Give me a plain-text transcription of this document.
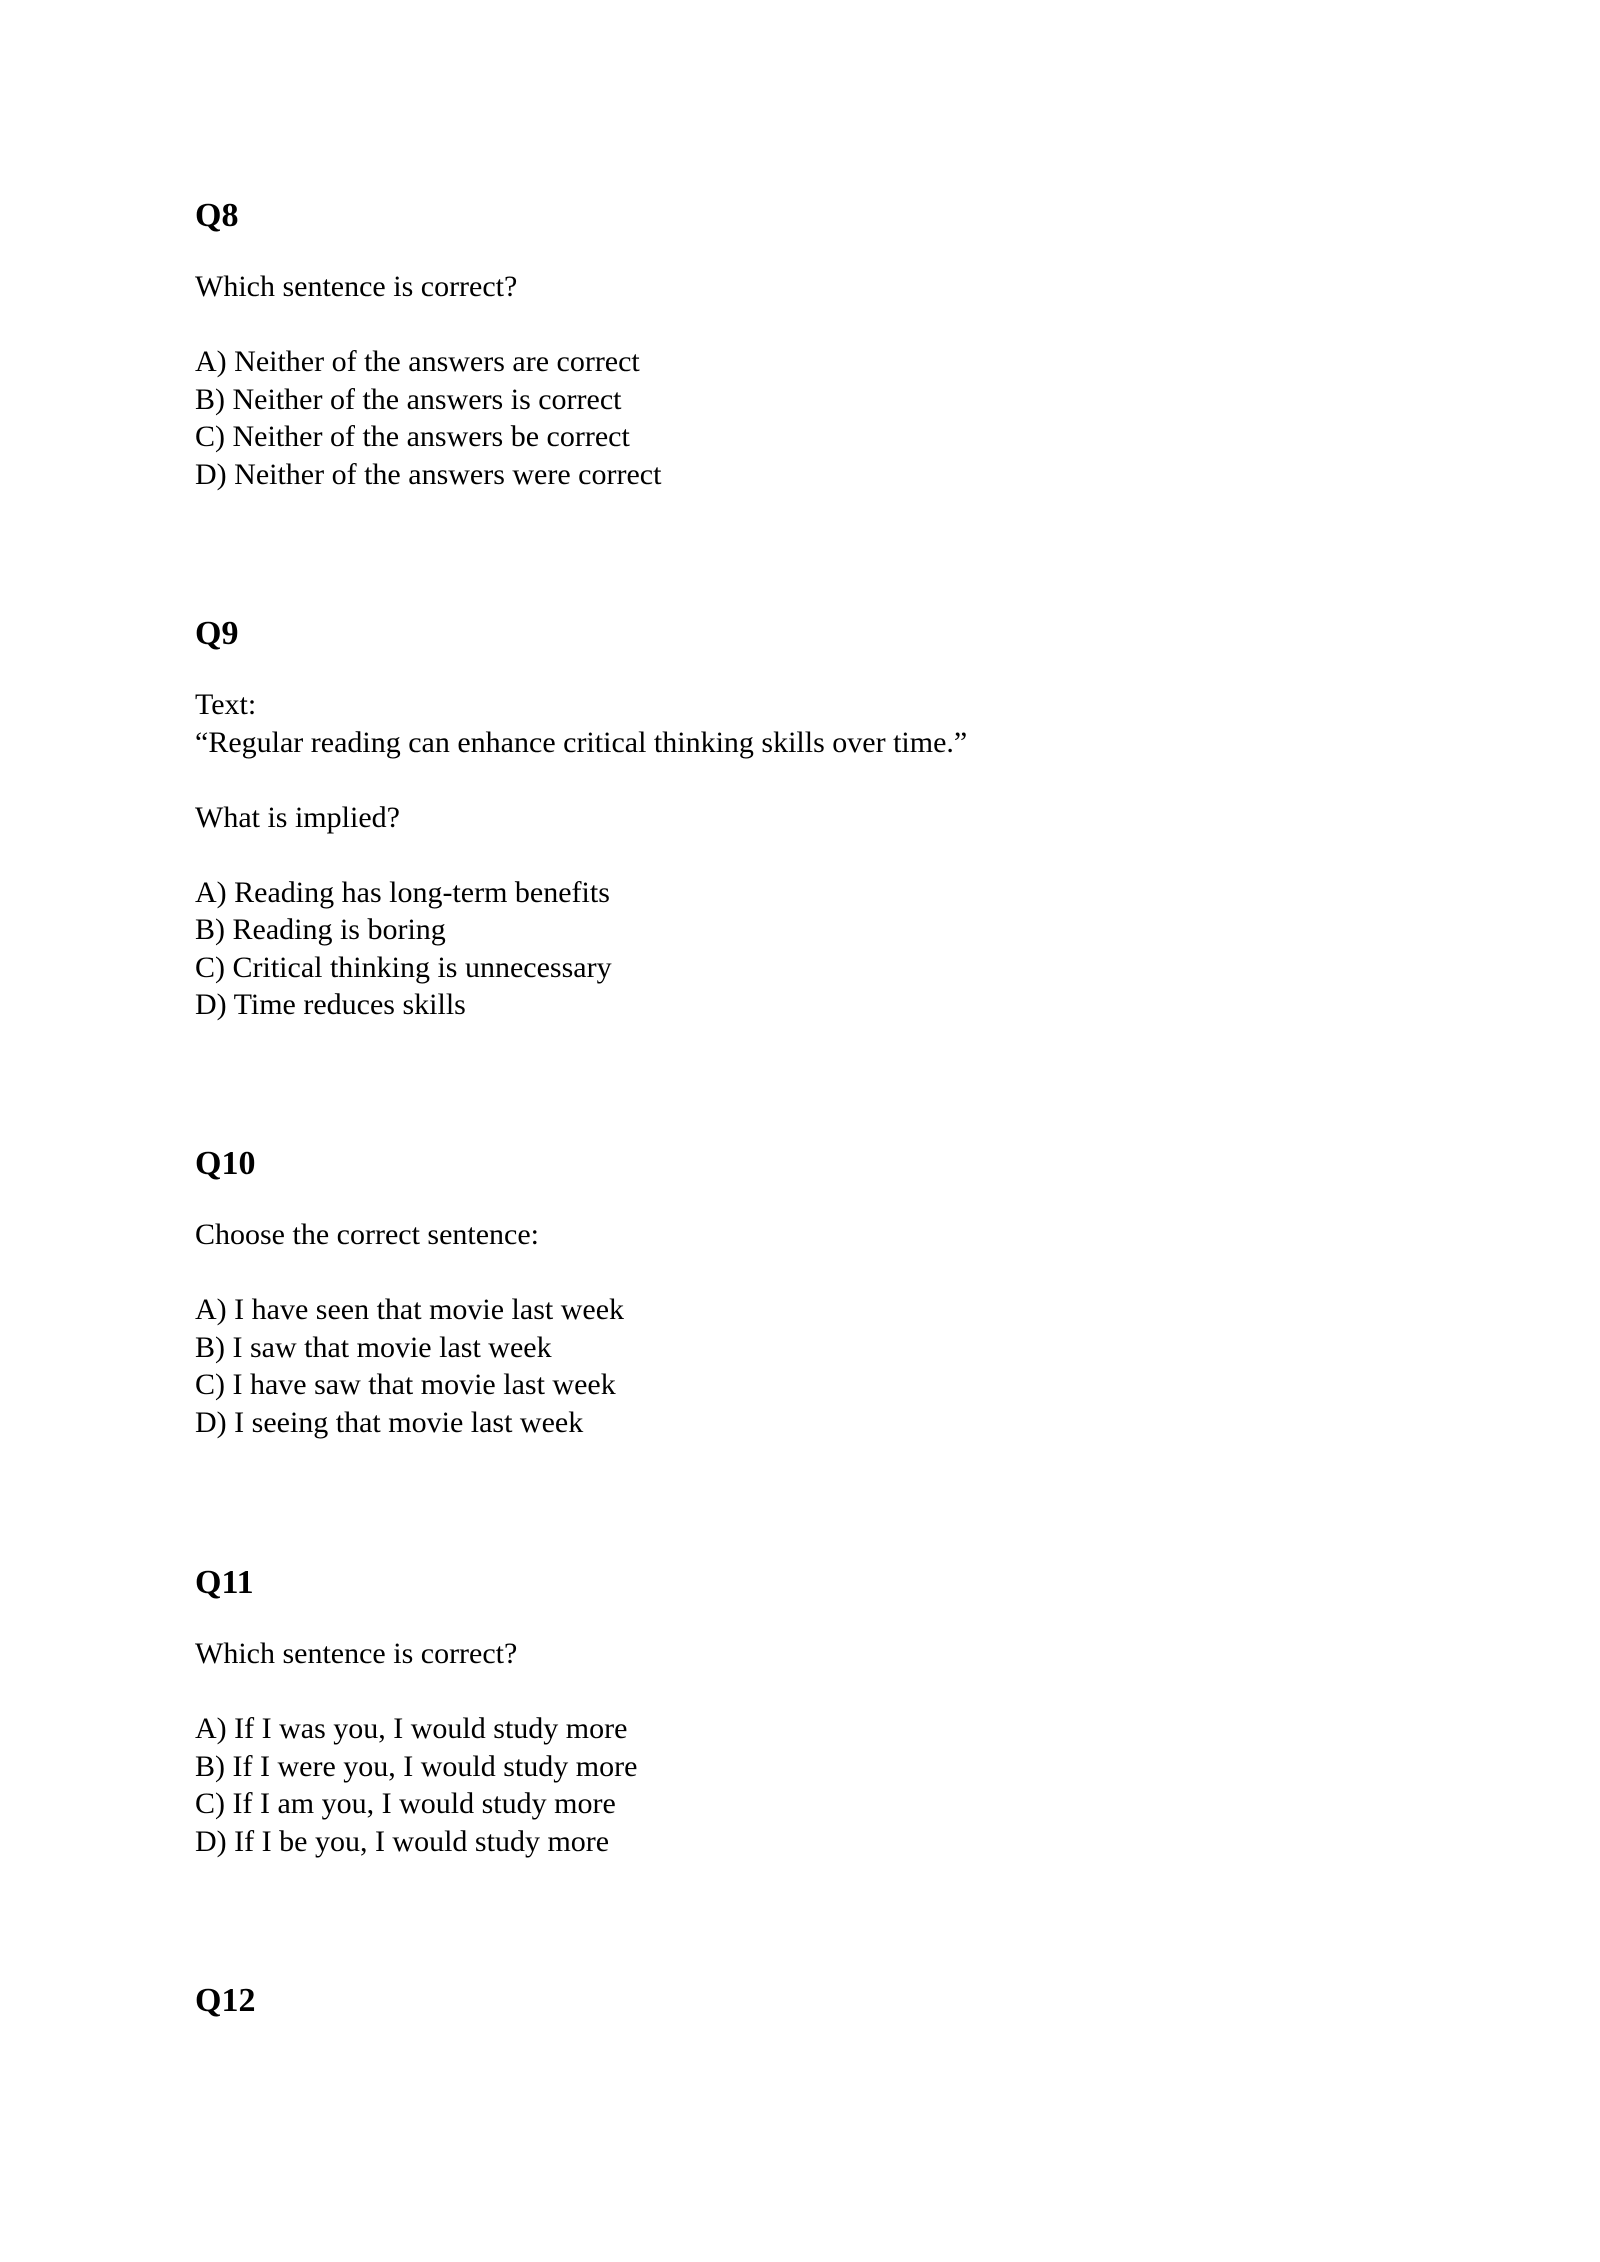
Q8

Which sentence is correct?

A) Neither of the answers are correct

B) Neither of the answers is correct

C) Neither of the answers be correct

D) Neither of the answers were correct

Q9

Text:

“Regular reading can enhance critical thinking skills over time.”

What is implied?

A) Reading has long-term benefits

B) Reading is boring

C) Critical thinking is unnecessary

D) Time reduces skills

Q10

Choose the correct sentence:

A) I have seen that movie last week

B) I saw that movie last week

C) I have saw that movie last week

D) I seeing that movie last week

Q11

Which sentence is correct?

A) If I was you, I would study more

B) If I were you, I would study more

C) If I am you, I would study more

D) If I be you, I would study more

Q12
